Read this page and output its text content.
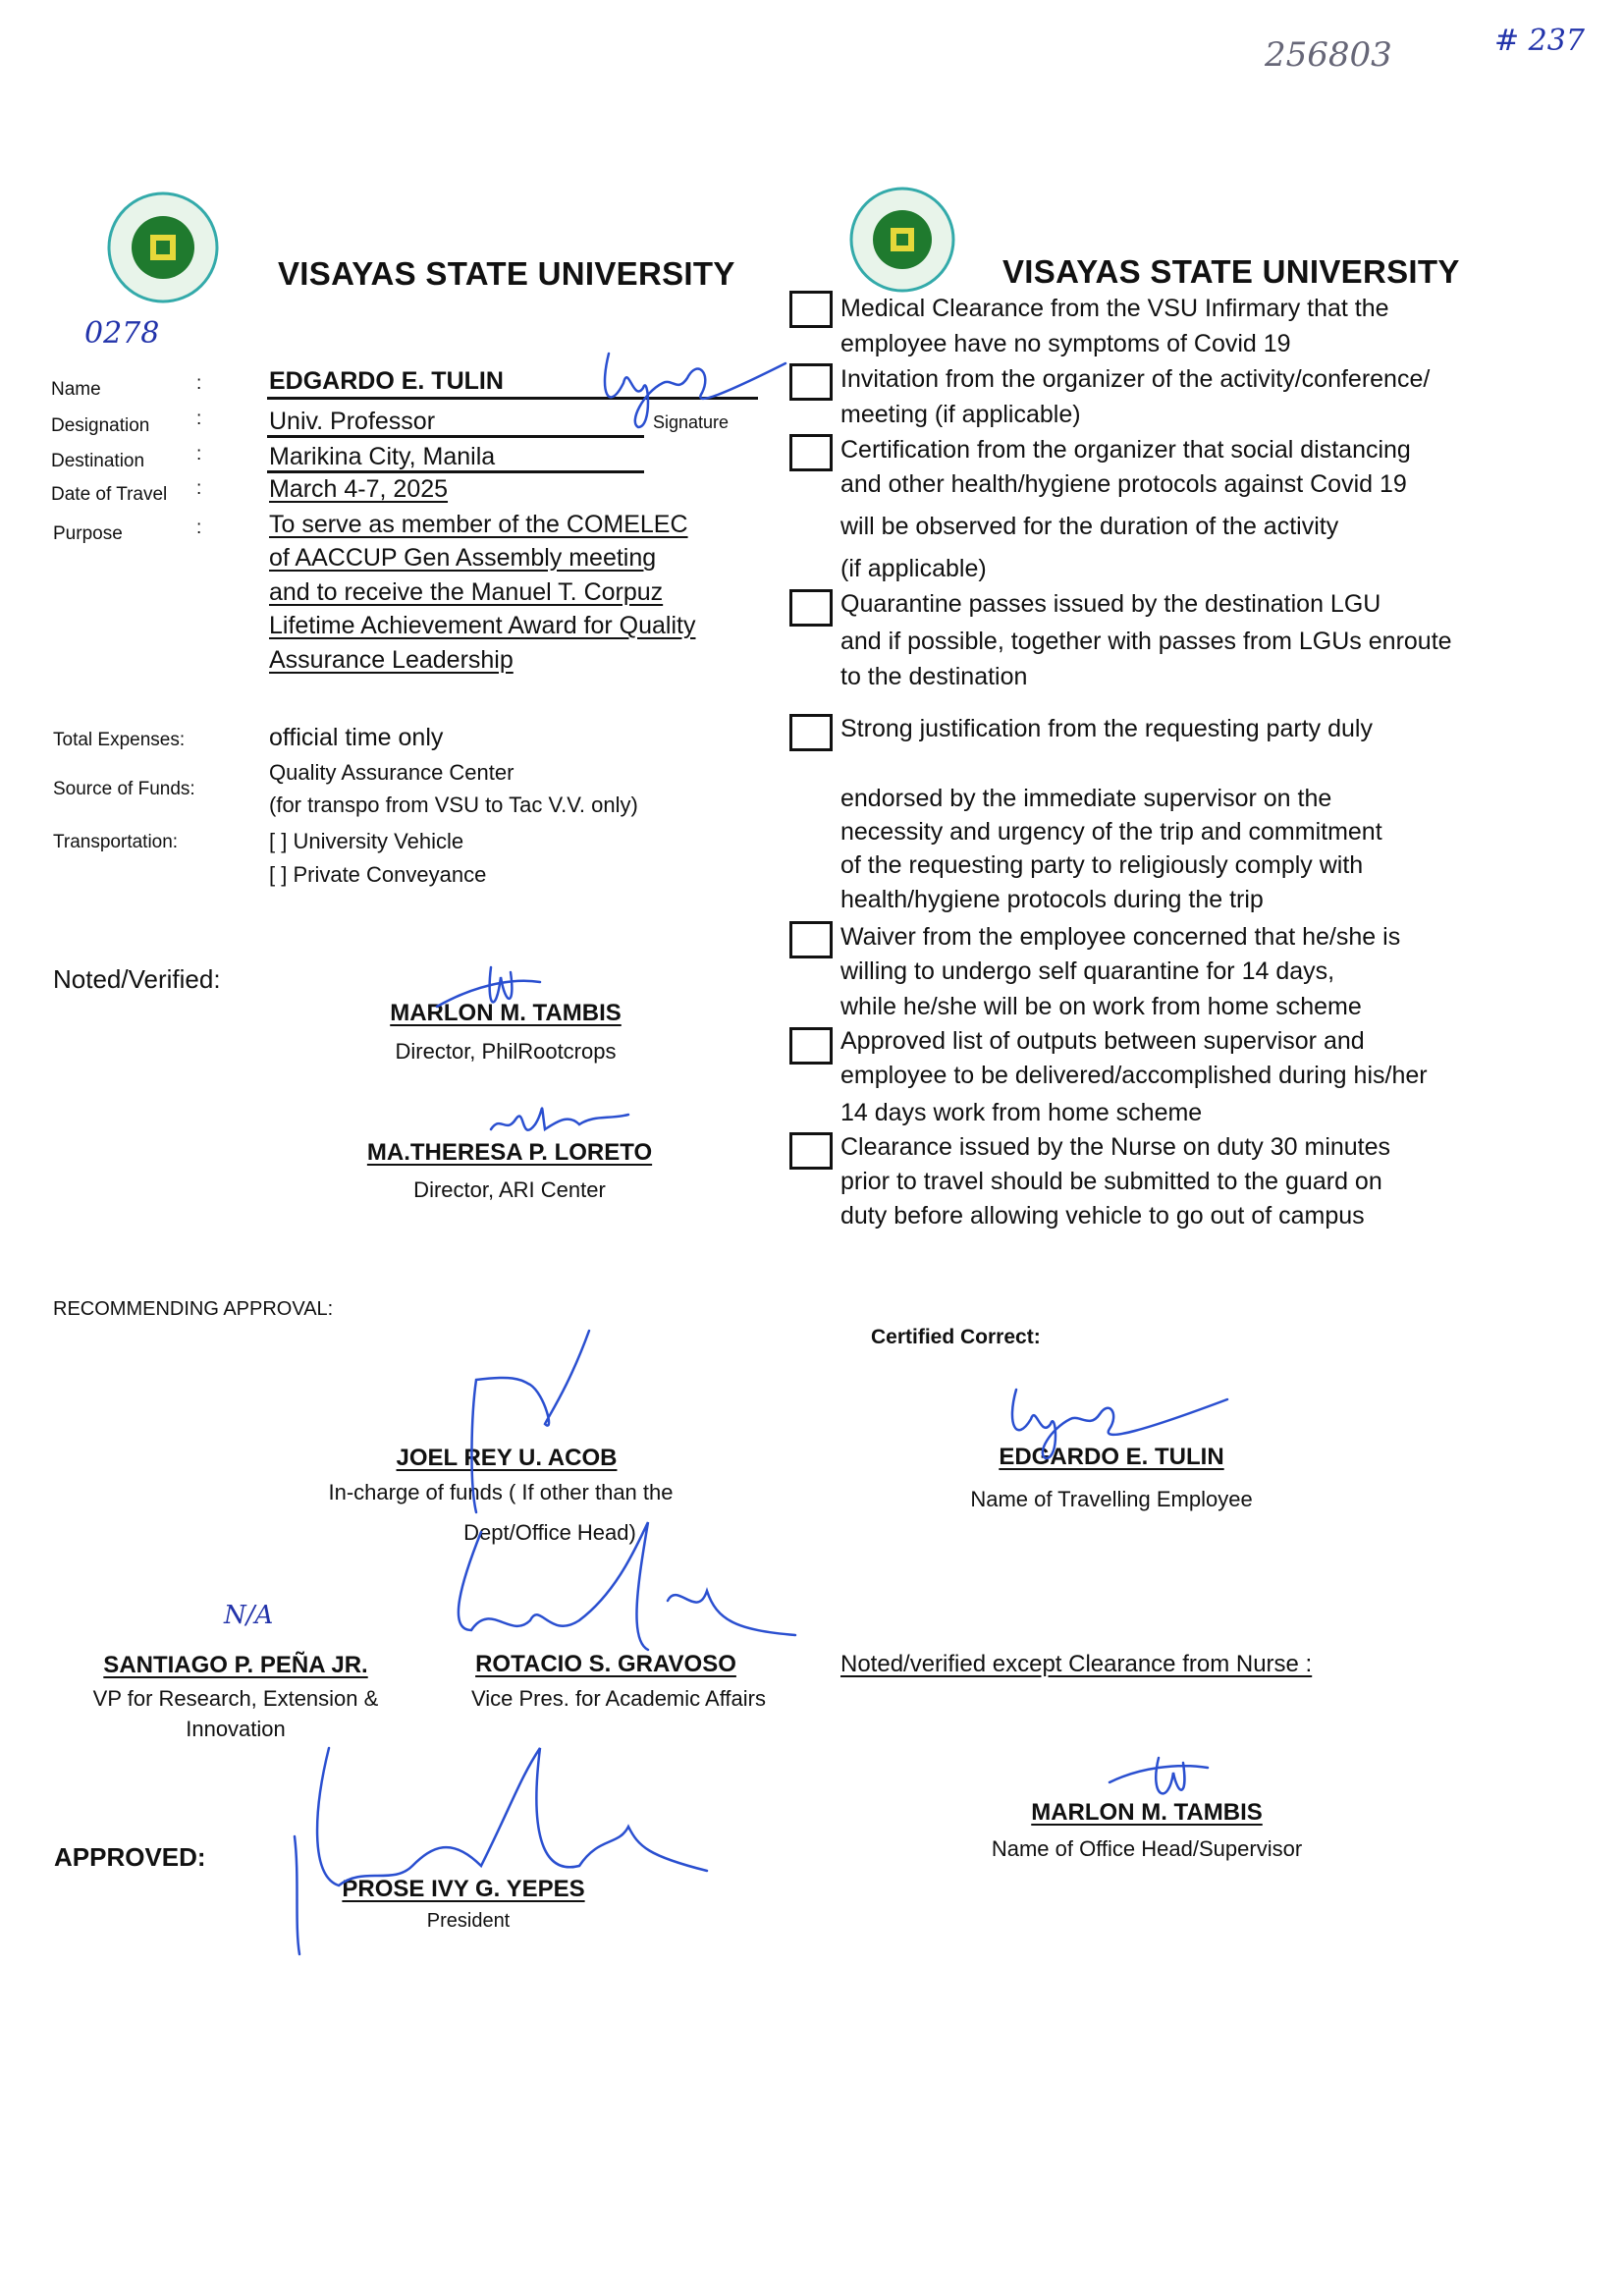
256803	# 237
0278
VISAYAS STATE UNIVERSITY	VISAYAS STATE UNIVERSITY
Name	:	EDGARDO E. TULIN
Signature
Designation	:	Univ. Professor
Destination	:	Marikina City, Manila
Date of Travel :	March 4-7, 2025
Purpose	:	To serve as member of the COMELEC
of AACCUP Gen Assembly meeting
and to receive the Manuel T. Corpuz
Lifetime Achievement Award for Quality
Assurance Leadership
Total Expenses:	official time only
Source of Funds:
Quality Assurance Center
(for transpo from VSU to Tac V.V. only)
Transportation:	[ ] University Vehicle
[ ] Private Conveyance
Noted/Verified:
MARLON M. TAMBIS
Director, PhilRootcrops
MA.THERESA P. LORETO
Director, ARI Center
Medical Clearance from the VSU Infirmary that the
employee have no symptoms of Covid 19
Invitation from the organizer of the activity/conference/
meeting (if applicable)
Certification from the organizer that social distancing
and other health/hygiene protocols against Covid 19
will be observed for the duration of the activity
(if applicable)
Quarantine passes issued by the destination LGU
and if possible, together with passes from LGUs enroute
to the destination
Strong justification from the requesting party duly
endorsed by the immediate supervisor on the
necessity and urgency of the trip and commitment
of the requesting party to religiously comply with
health/hygiene protocols during the trip
Waiver from the employee concerned that he/she is
willing to undergo self quarantine for 14 days,
while he/she will be on work from home scheme
Approved list of outputs between supervisor and
employee to be delivered/accomplished during his/her
14 days work from home scheme
Clearance issued by the Nurse on duty 30 minutes
prior to travel should be submitted to the guard on
duty before allowing vehicle to go out of campus
RECOMMENDING APPROVAL:
JOEL REY U. ACOB
In-charge of funds ( If other than the
Dept/Office Head)
N/A
SANTIAGO P. PEÑA JR.
VP for Research, Extension &
Innovation
ROTACIO S. GRAVOSO
Vice Pres. for Academic Affairs
APPROVED:
PROSE IVY G. YEPES
President
Certified Correct:
EDGARDO E. TULIN
Name of Travelling Employee
Noted/verified except Clearance from Nurse :
MARLON M. TAMBIS
Name of Office Head/Supervisor
